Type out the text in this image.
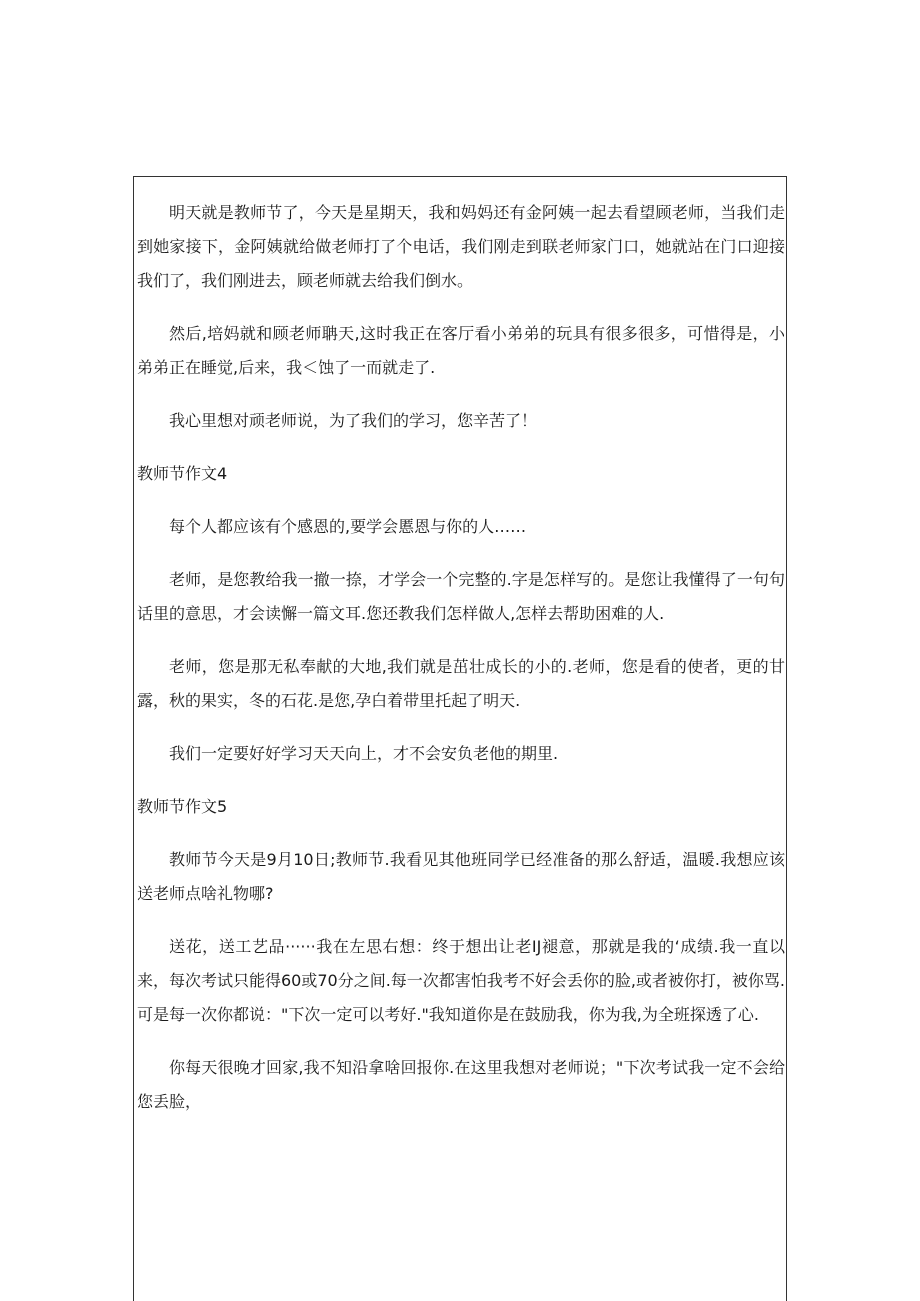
明天就是教师节了，今天是星期天，我和妈妈还有金阿姨一起去看望顾老师，当我们走到她家接下，金阿姨就给做老师打了个电话，我们刚走到联老师家门口，她就站在门口迎接我们了，我们刚进去，顾老师就去给我们倒水。

然后,培妈就和顾老师聃天,这时我正在客厅看小弟弟的玩具有很多很多，可惜得是，小弟弟正在睡觉,后来，我＜蚀了一而就走了.

我心里想对顽老师说，为了我们的学习，您辛苦了！

教师节作文4

每个人都应该有个感恩的,要学会慝恩与你的人……

老师，是您教给我一撤一捺，才学会一个完整的.字是怎样写的。是您让我懂得了一句句话里的意思，才会读懈一篇文耳.您还教我们怎样做人,怎样去帮助困难的人.

老师，您是那无私奉献的大地,我们就是茁壮成长的小的.老师，您是看的使者，更的甘露，秋的果实，冬的石花.是您,孕白着带里托起了明天.

我们一定要好好学习天天向上，才不会安负老他的期里.

教师节作文5

教师节今天是9月10日;教师节.我看见其他班同学已经准备的那么舒适，温暖.我想应该送老师点啥礼物哪?

送花，送工艺品······我在左思右想：终于想出让老IJ褪意，那就是我的‘成绩.我一直以来，每次考试只能得60或70分之间.每一次都害怕我考不好会丢你的脸,或者被你打，被你骂.可是每一次你都说："下次一定可以考好."我知道你是在鼓励我，你为我,为全班探透了心.

你每天很晚才回家,我不知沿拿啥回报你.在这里我想对老师说；"下次考试我一定不会给您丢脸，
